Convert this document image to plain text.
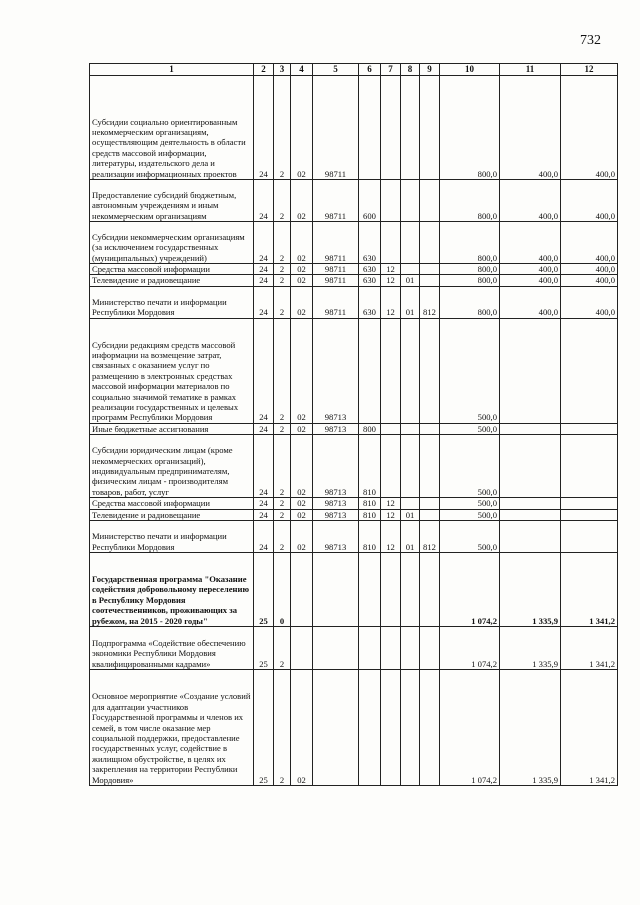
732
1	2	3	4	5	6	7	8	9	10	11	12
Субсидии социально ориентированным некоммерческим организациям, осуществляющим деятельность в области средств массовой информации, литературы, издательского дела и реализации информационных проектов	24	2	02	98711					800,0	400,0	400,0
Предоставление субсидий бюджетным, автономным учреждениям и иным некоммерческим организациям	24	2	02	98711	600				800,0	400,0	400,0
Субсидии некоммерческим организациям (за исключением государственных (муниципальных) учреждений)	24	2	02	98711	630				800,0	400,0	400,0
Средства массовой информации	24	2	02	98711	630	12			800,0	400,0	400,0
Телевидение и радиовещание	24	2	02	98711	630	12	01		800,0	400,0	400,0
Министерство печати и информации Республики Мордовия	24	2	02	98711	630	12	01	812	800,0	400,0	400,0
Субсидии редакциям средств массовой информации на возмещение затрат, связанных с оказанием услуг по размещению в электронных средствах массовой информации материалов по социально значимой тематике в рамках реализации государственных и целевых программ Республики Мордовия	24	2	02	98713					500,0		
Иные бюджетные ассигнования	24	2	02	98713	800				500,0		
Субсидии юридическим лицам (кроме некоммерческих организаций), индивидуальным предпринимателям, физическим лицам - производителям товаров, работ, услуг	24	2	02	98713	810				500,0		
Средства массовой информации	24	2	02	98713	810	12			500,0		
Телевидение и радиовещание	24	2	02	98713	810	12	01		500,0		
Министерство печати и информации Республики Мордовия	24	2	02	98713	810	12	01	812	500,0		
Государственная программа "Оказание содействия добровольному переселению в Республику Мордовия соотечественников, проживающих за рубежом, на 2015 - 2020 годы"	25	0							1 074,2	1 335,9	1 341,2
Подпрограмма «Содействие обеспечению экономики Республики Мордовия квалифицированными кадрами»	25	2							1 074,2	1 335,9	1 341,2
Основное мероприятие «Создание условий для адаптации участников Государственной программы и членов их семей, в том числе оказание мер социальной поддержки, предоставление государственных услуг, содействие в жилищном обустройстве, в целях их закрепления на территории Республики Мордовия»	25	2	02						1 074,2	1 335,9	1 341,2
